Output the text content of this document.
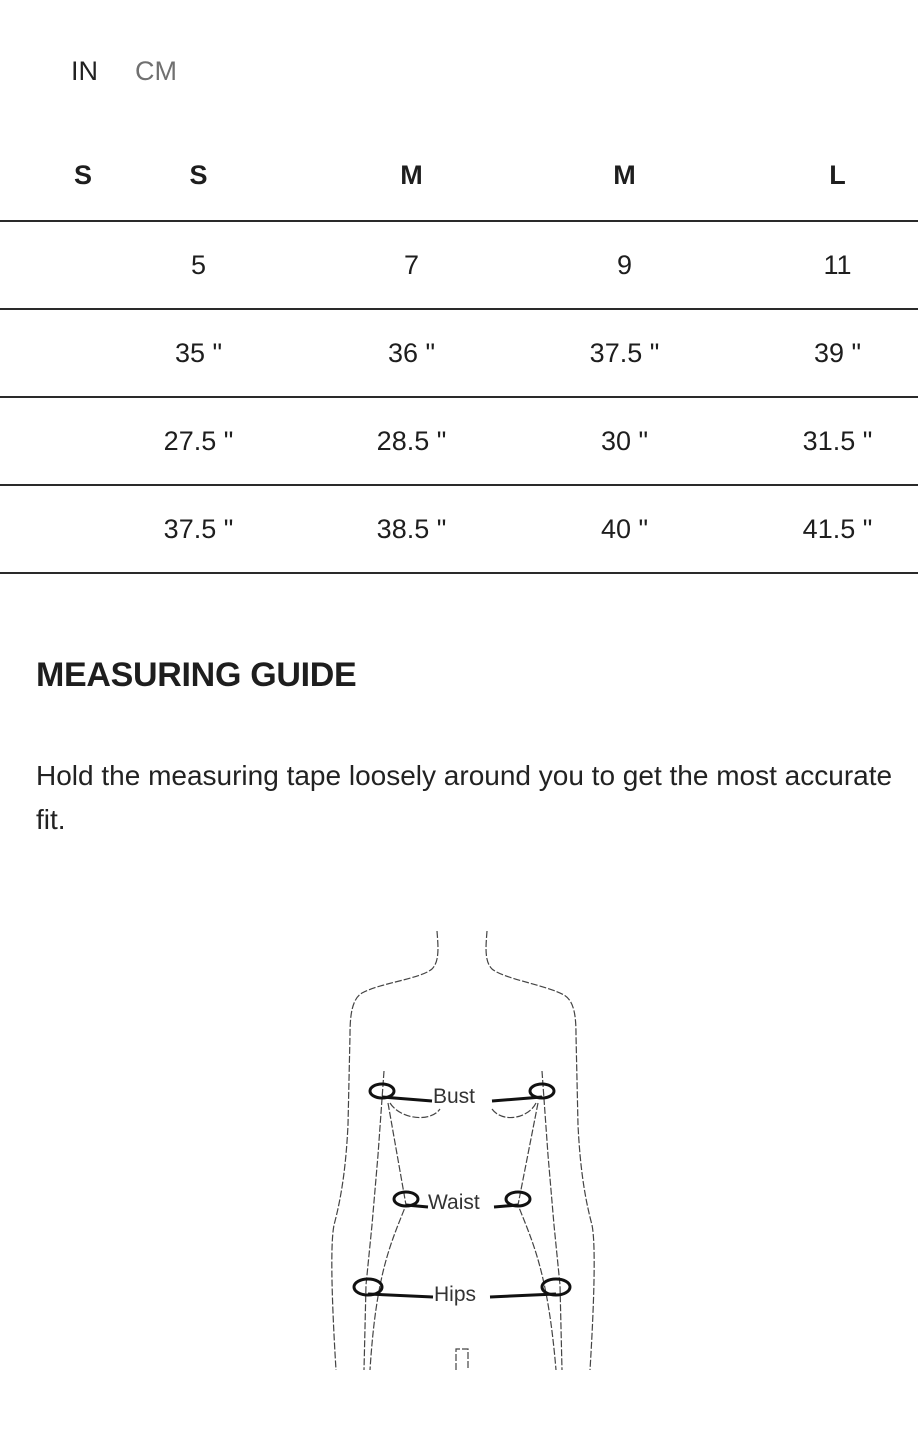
IN CM
S	S	M	M	L
	5	7	9	11
	35 "	36 "	37.5 "	39 "
	27.5 "	28.5 "	30 "	31.5 "
	37.5 "	38.5 "	40 "	41.5 "
MEASURING GUIDE

Hold the measuring tape loosely around you to get the most accurate fit.

Bust
Waist
Hips
